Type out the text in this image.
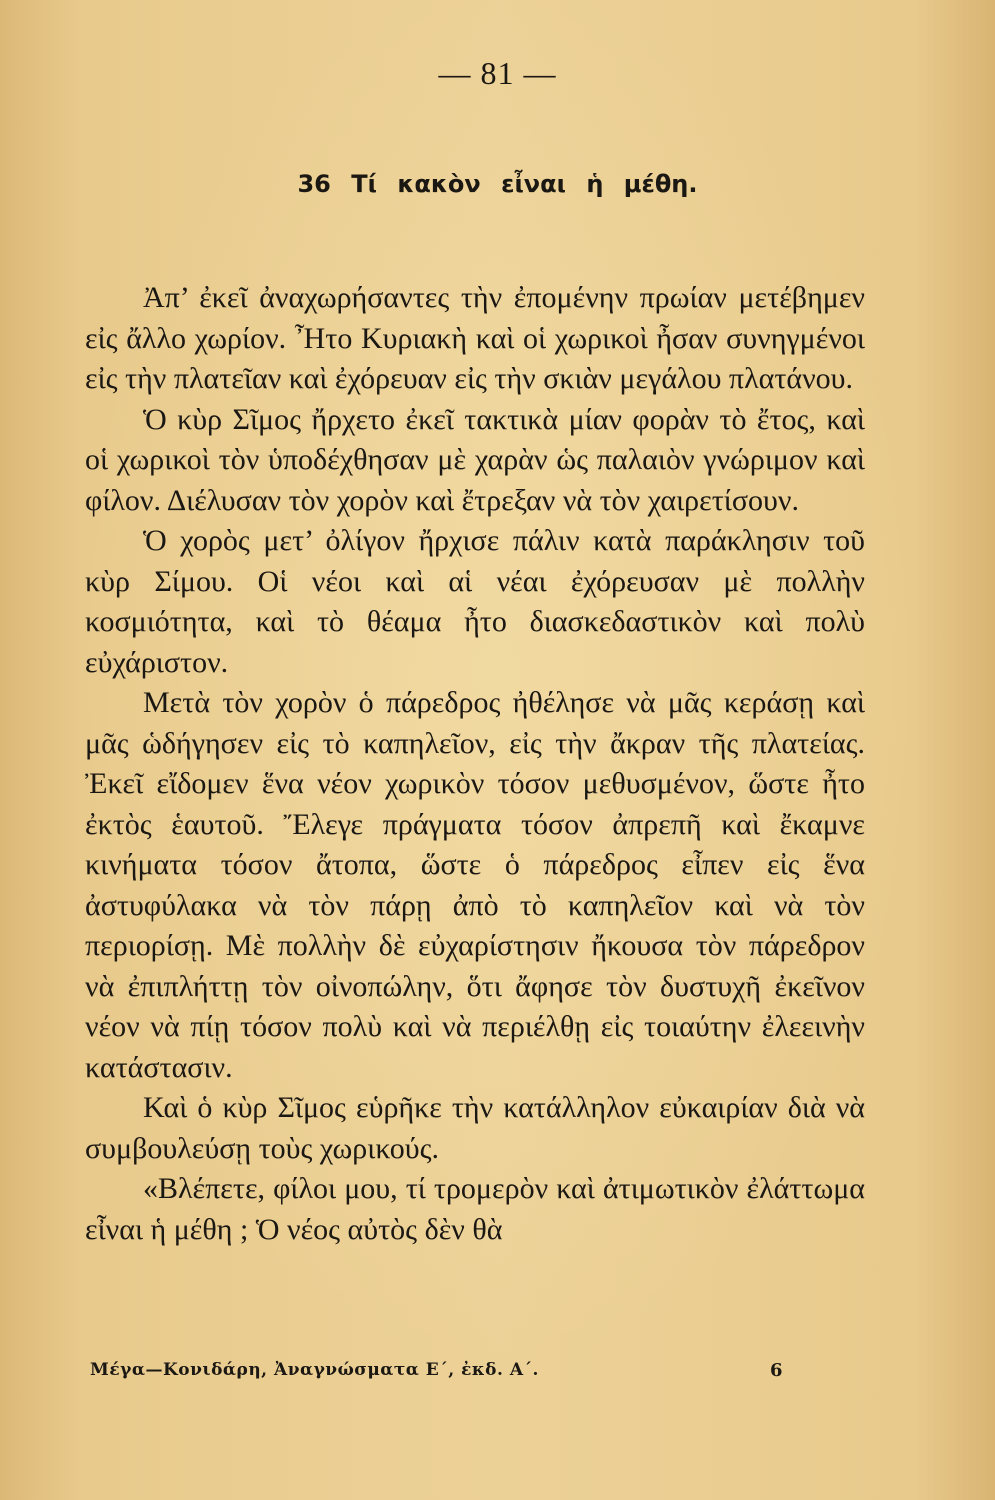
— 81 —
36 Τί κακὸν εἶναι ἡ μέθη.

Ἀπ’ ἐκεῖ ἀναχωρήσαντες τὴν ἐπομένην πρωίαν μετέβημεν εἰς ἄλλο χωρίον. Ἦτο Κυριακὴ καὶ οἱ χωρικοὶ ἦσαν συνηγμένοι εἰς τὴν πλατεῖαν καὶ ἐχόρευαν εἰς τὴν σκιὰν μεγάλου πλατάνου.

Ὁ κὺρ Σῖμος ἤρχετο ἐκεῖ τακτικὰ μίαν φορὰν τὸ ἔτος, καὶ οἱ χωρικοὶ τὸν ὑποδέχθησαν μὲ χαρὰν ὡς παλαιὸν γνώριμον καὶ φίλον. Διέλυσαν τὸν χορὸν καὶ ἔτρεξαν νὰ τὸν χαιρετίσουν.

Ὁ χορὸς μετ’ ὀλίγον ἤρχισε πάλιν κατὰ παράκλησιν τοῦ κὺρ Σίμου. Οἱ νέοι καὶ αἱ νέαι ἐχόρευσαν μὲ πολλὴν κοσμιότητα, καὶ τὸ θέαμα ἦτο διασκεδαστικὸν καὶ πολὺ εὐχάριστον.

Μετὰ τὸν χορὸν ὁ πάρεδρος ἠθέλησε νὰ μᾶς κεράσῃ καὶ μᾶς ὡδήγησεν εἰς τὸ καπηλεῖον, εἰς τὴν ἄκραν τῆς πλατείας. Ἐκεῖ εἴδομεν ἕνα νέον χωρικὸν τόσον μεθυσμένον, ὥστε ἦτο ἐκτὸς ἑαυτοῦ. Ἔλεγε πράγματα τόσον ἀπρεπῆ καὶ ἔκαμνε κινήματα τόσον ἄτοπα, ὥστε ὁ πάρεδρος εἶπεν εἰς ἕνα ἀστυφύλακα νὰ τὸν πάρῃ ἀπὸ τὸ καπηλεῖον καὶ νὰ τὸν περιορίσῃ. Μὲ πολλὴν δὲ εὐχαρίστησιν ἤκουσα τὸν πάρεδρον νὰ ἐπιπλήττῃ τὸν οἰνοπώλην, ὅτι ἄφησε τὸν δυστυχῆ ἐκεῖνον νέον νὰ πίῃ τόσον πολὺ καὶ νὰ περιέλθῃ εἰς τοιαύτην ἐλεεινὴν κατάστασιν.

Καὶ ὁ κὺρ Σῖμος εὑρῆκε τὴν κατάλληλον εὐκαιρίαν διὰ νὰ συμβουλεύσῃ τοὺς χωρικούς.

«Βλέπετε, φίλοι μου, τί τρομερὸν καὶ ἀτιμωτικὸν ἐλάττωμα εἶναι ἡ μέθη ; Ὁ νέος αὐτὸς δὲν θὰ

Μέγα—Κονιδάρη, Ἀναγνώσματα Ε΄, ἐκδ. Α΄.	6
